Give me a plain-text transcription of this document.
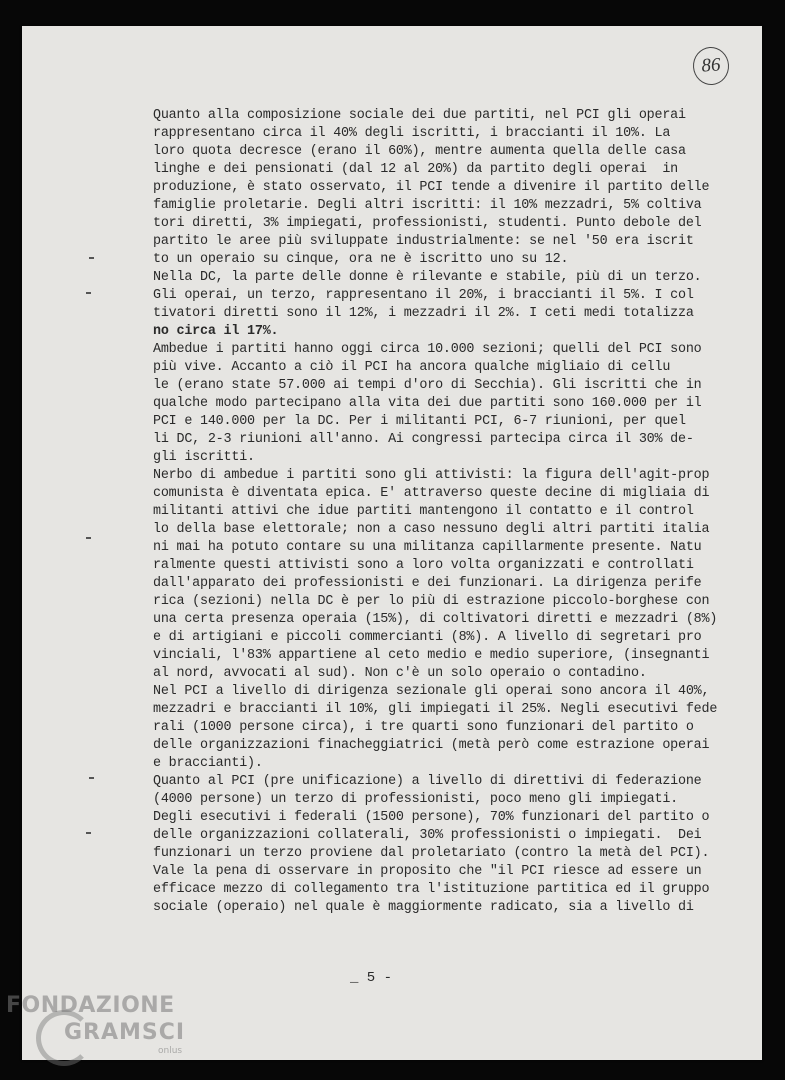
86
Quanto alla composizione sociale dei due partiti, nel PCI gli operai
rappresentano circa il 40% degli iscritti, i braccianti il 10%. La
loro quota decresce (erano il 60%), mentre aumenta quella delle casa
linghe e dei pensionati (dal 12 al 20%) da partito degli operai  in
produzione, è stato osservato, il PCI tende a divenire il partito delle
famiglie proletarie. Degli altri iscritti: il 10% mezzadri, 5% coltiva
tori diretti, 3% impiegati, professionisti, studenti. Punto debole del
partito le aree più sviluppate industrialmente: se nel '50 era iscrit
to un operaio su cinque, ora ne è iscritto uno su 12.
Nella DC, la parte delle donne è rilevante e stabile, più di un terzo.
Gli operai, un terzo, rappresentano il 20%, i braccianti il 5%. I col
tivatori diretti sono il 12%, i mezzadri il 2%. I ceti medi totalizza
no circa il 17%.
Ambedue i partiti hanno oggi circa 10.000 sezioni; quelli del PCI sono
più vive. Accanto a ciò il PCI ha ancora qualche migliaio di cellu
le (erano state 57.000 ai tempi d'oro di Secchia). Gli iscritti che in
qualche modo partecipano alla vita dei due partiti sono 160.000 per il
PCI e 140.000 per la DC. Per i militanti PCI, 6-7 riunioni, per quel
li DC, 2-3 riunioni all'anno. Ai congressi partecipa circa il 30% de-
gli iscritti.
Nerbo di ambedue i partiti sono gli attivisti: la figura dell'agit-prop
comunista è diventata epica. E' attraverso queste decine di migliaia di
militanti attivi che idue partiti mantengono il contatto e il control
lo della base elettorale; non a caso nessuno degli altri partiti italia
ni mai ha potuto contare su una militanza capillarmente presente. Natu
ralmente questi attivisti sono a loro volta organizzati e controllati
dall'apparato dei professionisti e dei funzionari. La dirigenza perife
rica (sezioni) nella DC è per lo più di estrazione piccolo-borghese con
una certa presenza operaia (15%), di coltivatori diretti e mezzadri (8%)
e di artigiani e piccoli commercianti (8%). A livello di segretari pro
vinciali, l'83% appartiene al ceto medio e medio superiore, (insegnanti
al nord, avvocati al sud). Non c'è un solo operaio o contadino.
Nel PCI a livello di dirigenza sezionale gli operai sono ancora il 40%,
mezzadri e braccianti il 10%, gli impiegati il 25%. Negli esecutivi fede
rali (1000 persone circa), i tre quarti sono funzionari del partito o
delle organizzazioni finacheggiatrici (metà però come estrazione operai
e braccianti).
Quanto al PCI (pre unificazione) a livello di direttivi di federazione
(4000 persone) un terzo di professionisti, poco meno gli impiegati.
Degli esecutivi i federali (1500 persone), 70% funzionari del partito o
delle organizzazioni collaterali, 30% professionisti o impiegati.  Dei
funzionari un terzo proviene dal proletariato (contro la metà del PCI).
Vale la pena di osservare in proposito che "il PCI riesce ad essere un
efficace mezzo di collegamento tra l'istituzione partitica ed il gruppo
sociale (operaio) nel quale è maggiormente radicato, sia a livello di
_ 5 -
FONDAZIONE
GRAMSCI
onlus
